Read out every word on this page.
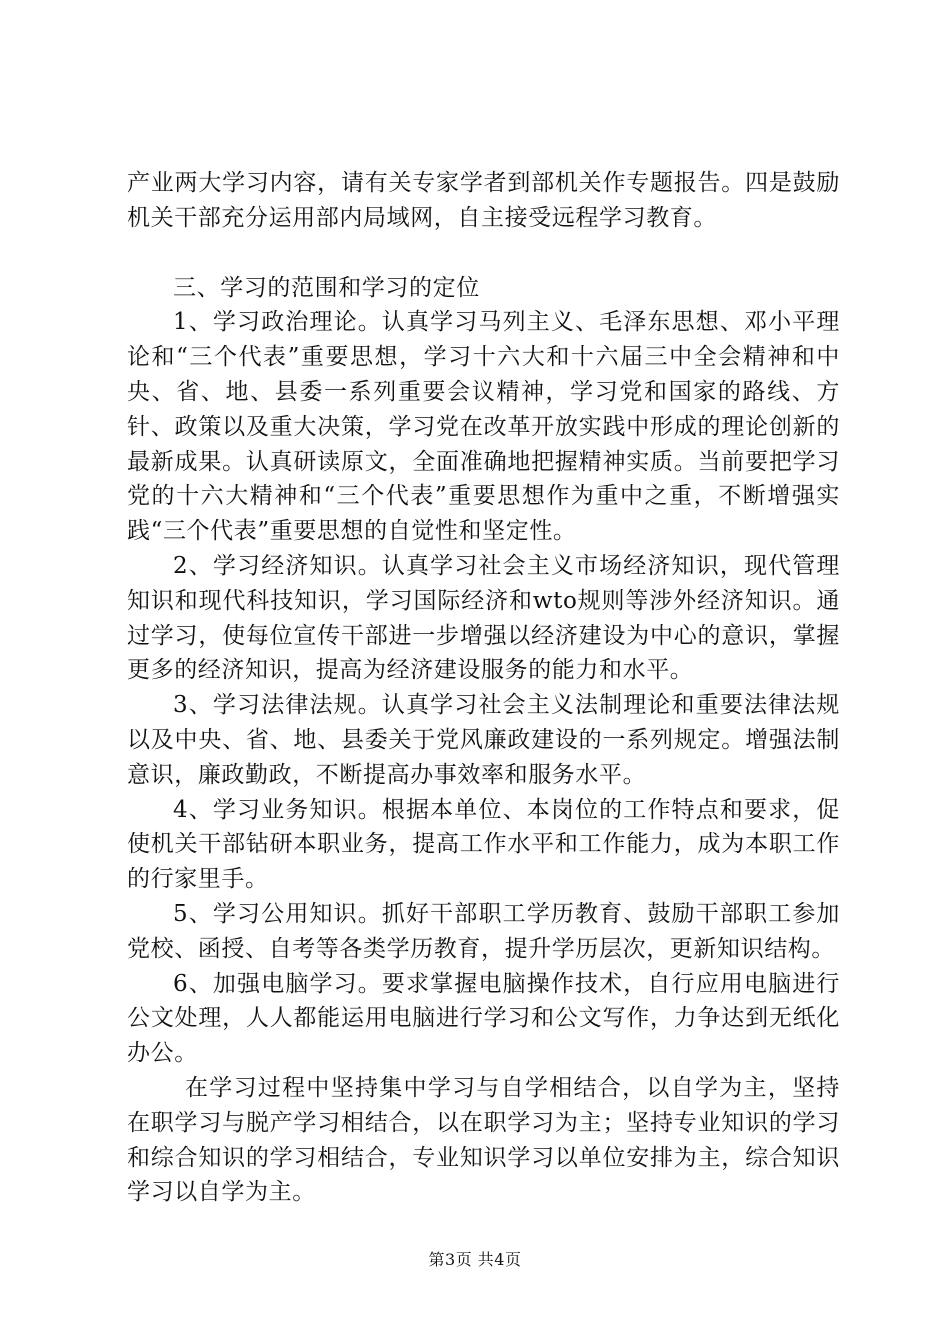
产业两大学习内容，请有关专家学者到部机关作专题报告。四是鼓励机关干部充分运用部内局域网，自主接受远程学习教育。

三、学习的范围和学习的定位

1、学习政治理论。认真学习马列主义、毛泽东思想、邓小平理论和“三个代表”重要思想，学习十六大和十六届三中全会精神和中央、省、地、县委一系列重要会议精神，学习党和国家的路线、方针、政策以及重大决策，学习党在改革开放实践中形成的理论创新的最新成果。认真研读原文，全面准确地把握精神实质。当前要把学习党的十六大精神和“三个代表”重要思想作为重中之重，不断增强实践“三个代表”重要思想的自觉性和坚定性。

2、学习经济知识。认真学习社会主义市场经济知识，现代管理知识和现代科技知识，学习国际经济和wto规则等涉外经济知识。通过学习，使每位宣传干部进一步增强以经济建设为中心的意识，掌握更多的经济知识，提高为经济建设服务的能力和水平。

3、学习法律法规。认真学习社会主义法制理论和重要法律法规以及中央、省、地、县委关于党风廉政建设的一系列规定。增强法制意识，廉政勤政，不断提高办事效率和服务水平。

4、学习业务知识。根据本单位、本岗位的工作特点和要求，促使机关干部钻研本职业务，提高工作水平和工作能力，成为本职工作的行家里手。

5、学习公用知识。抓好干部职工学历教育、鼓励干部职工参加党校、函授、自考等各类学历教育，提升学历层次，更新知识结构。

6、加强电脑学习。要求掌握电脑操作技术，自行应用电脑进行公文处理，人人都能运用电脑进行学习和公文写作，力争达到无纸化办公。

在学习过程中坚持集中学习与自学相结合，以自学为主，坚持在职学习与脱产学习相结合，以在职学习为主；坚持专业知识的学习和综合知识的学习相结合，专业知识学习以单位安排为主，综合知识学习以自学为主。

第3页 共4页
